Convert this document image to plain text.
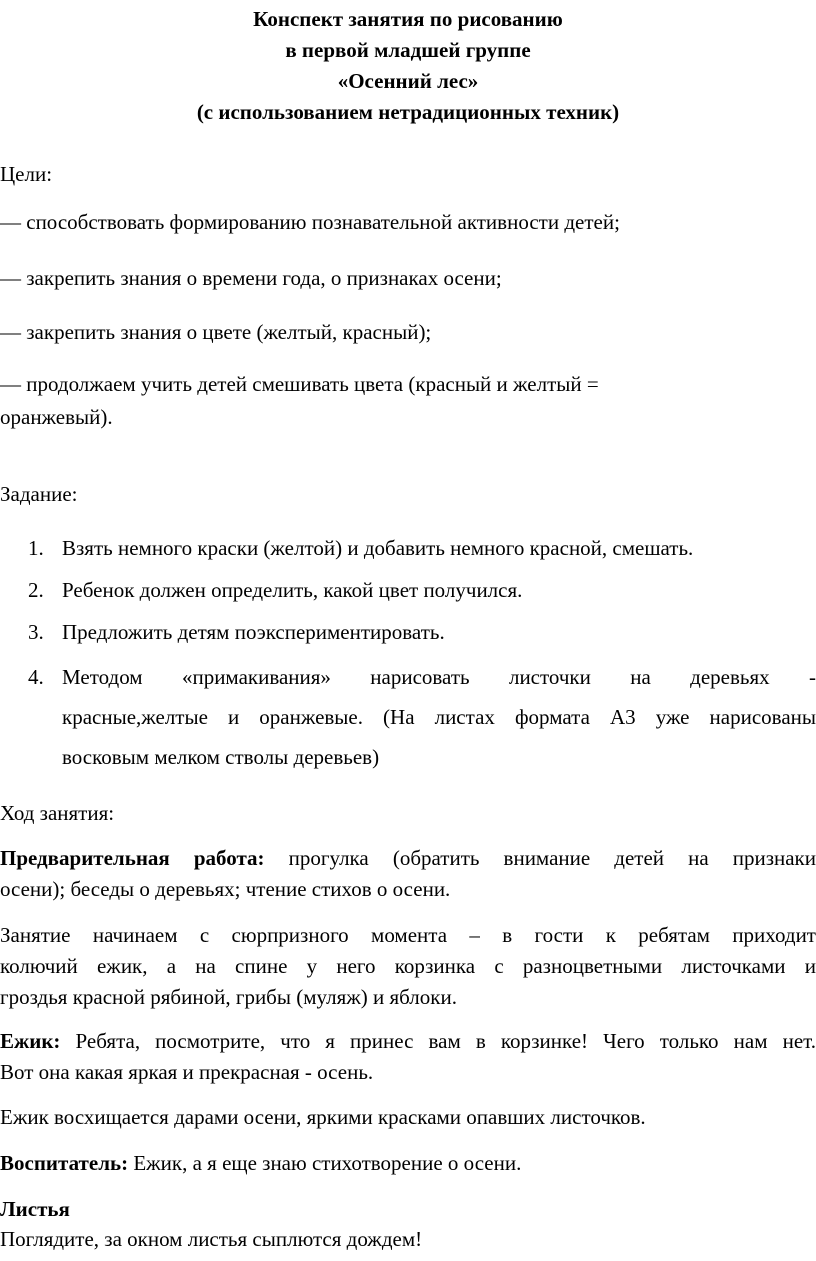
Конспект занятия по рисованию
в первой младшей группе
«Осенний лес»
(с использованием нетрадиционных техник)
Цели:
— способствовать формированию познавательной активности детей;
— закрепить знания о времени года, о признаках осени;
— закрепить знания о цвете (желтый, красный);
— продолжаем учить детей смешивать цвета (красный и желтый =
оранжевый).
Задание:
1. Взять немного краски (желтой) и добавить немного красной, смешать.
2. Ребенок должен определить, какой цвет получился.
3. Предложить детям поэкспериментировать.
4. Методом «примакивания» нарисовать листочки на деревьях -
красные,желтые и оранжевые. (На листах формата А3 уже нарисованы
восковым мелком стволы деревьев)
Ход занятия:
Предварительная работа: прогулка (обратить внимание детей на признаки
осени); беседы о деревьях; чтение стихов о осени.
Занятие начинаем с сюрпризного момента – в гости к ребятам приходит
колючий ежик, а на спине у него корзинка с разноцветными листочками и
гроздья красной рябиной, грибы (муляж) и яблоки.
Ежик: Ребята, посмотрите, что я принес вам в корзинке! Чего только нам нет.
Вот она какая яркая и прекрасная - осень.
Ежик восхищается дарами осени, яркими красками опавших листочков.
Воспитатель: Ежик, а я еще знаю стихотворение о осени.
Листья
Поглядите, за окном листья сыплются дождем!
